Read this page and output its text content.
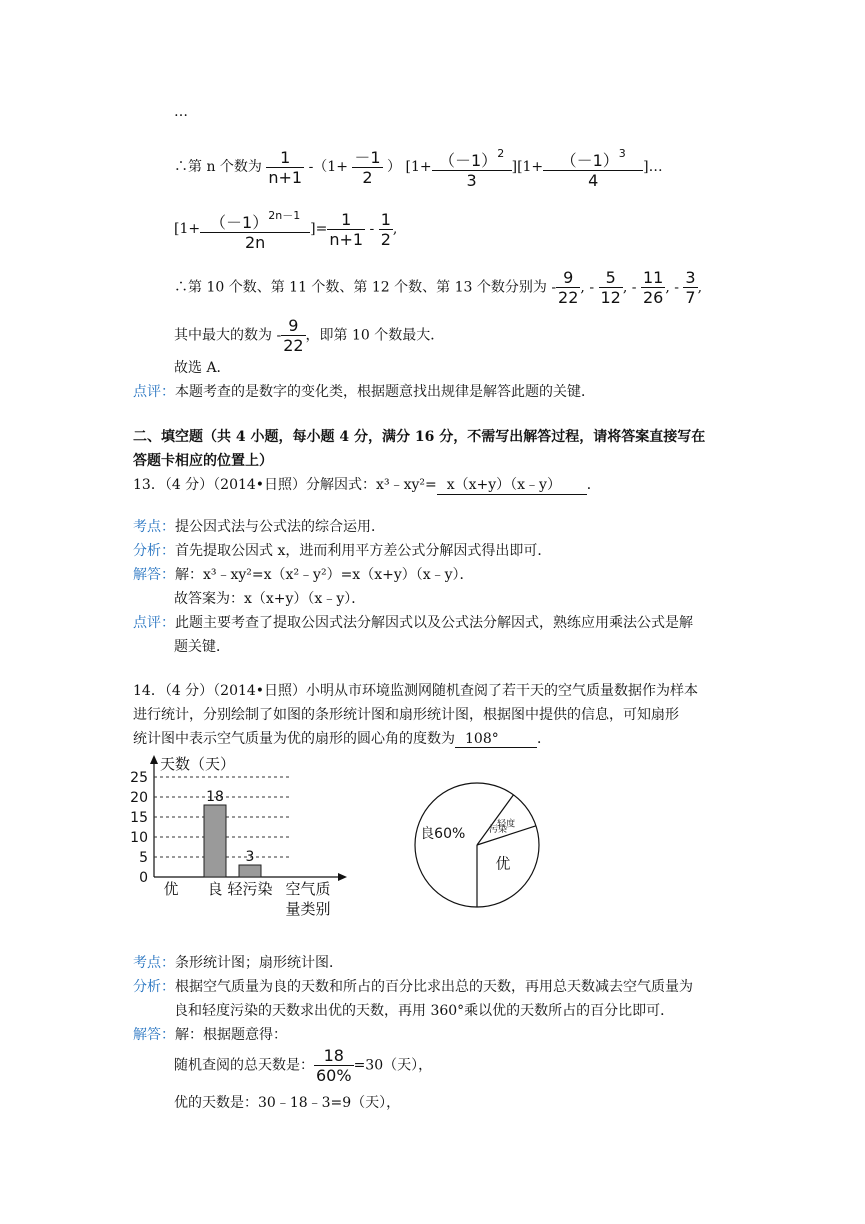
…
∴第 n 个数为 $\frac{1}{n+1} -(1+ \frac{-1}{2}$ ） $[1+ \frac{(-1)^2}{3} ][1+ \frac{(-1)^3}{4}$ ]…
[$1+ \frac{(-1)^{2n-1}}{2n}$ ]= $\frac{1}{n+1} - \frac{1}{2}$ ,
∴第 10 个数、第 11 个数、第 12 个数、第 13 个数分别为 - $\frac{9}{22}$ , - $\frac{5}{12}$ , - $\frac{11}{26}$ , - $\frac{3}{7}$ ,
其中最大的数为 - $\frac{9}{22}$ ，即第 10 个数最大．
故选 A．
点评：本题考查的是数字的变化类，根据题意找出规律是解答此题的关键．
二、填空题（共 4 小题，每小题 4 分，满分 16 分，不需写出解答过程，请将答案直接写在
答题卡相应的位置上）
13．（4 分）（2014•日照）分解因式：x³﹣xy²= x（x+y）（x﹣y） ．
考点：提公因式法与公式法的综合运用．
分析：首先提取公因式 x，进而利用平方差公式分解因式得出即可．
解答：解：x³﹣xy²=x（x²﹣y²）=x（x+y）（x﹣y）．
故答案为：x（x+y）（x﹣y）．
点评：此题主要考查了提取公因式法分解因式以及公式法分解因式，熟练应用乘法公式是解
题关键．
14．（4 分）（2014•日照）小明从市环境监测网随机查阅了若干天的空气质量数据作为样本
进行统计，分别绘制了如图的条形统计图和扇形统计图，根据图中提供的信息，可知扇形
统计图中表示空气质量为优的扇形的圆心角的度数为 108°	．
天数（天）
0
5
10
15
20
25
优
18
良
3
轻污染 空气质
量类别
良60%
优
轻度
污染
考点：条形统计图；扇形统计图．
分析：根据空气质量为良的天数和所占的百分比求出总的天数，再用总天数减去空气质量为
良和轻度污染的天数求出优的天数，再用 360°乘以优的天数所占的百分比即可．
解答：解：根据题意得：
随机查阅的总天数是： $\frac{18}{60\%} =30$（天），
优的天数是：30﹣18﹣3=9（天），
